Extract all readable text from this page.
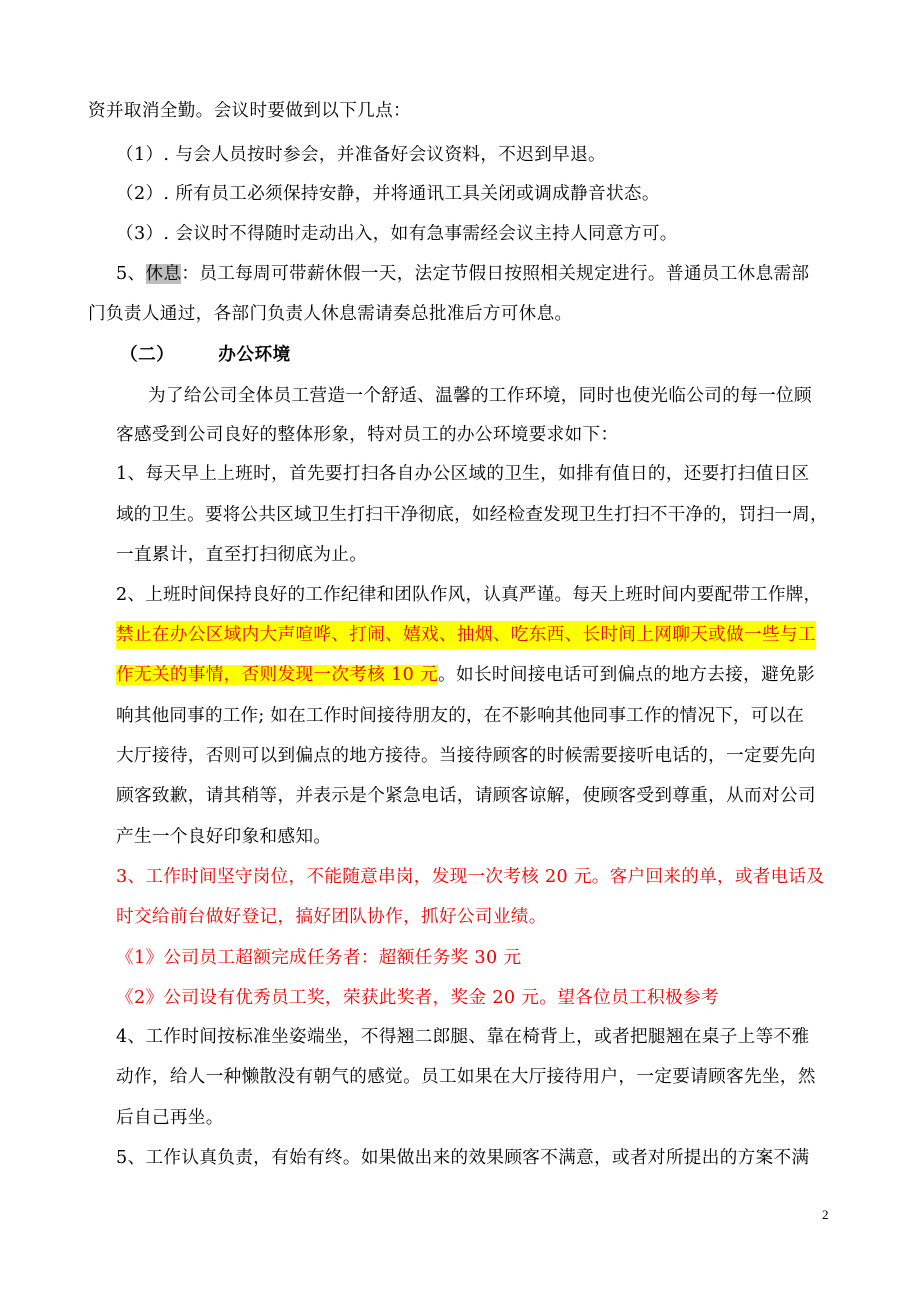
资并取消全勤。会议时要做到以下几点：
（1）. 与会人员按时参会，并准备好会议资料，不迟到早退。
（2）. 所有员工必须保持安静，并将通讯工具关闭或调成静音状态。
（3）. 会议时不得随时走动出入，如有急事需经会议主持人同意方可。
5、休息：员工每周可带薪休假一天，法定节假日按照相关规定进行。普通员工休息需部
门负责人通过，各部门负责人休息需请奏总批准后方可休息。
（二）	办公环境
为了给公司全体员工营造一个舒适、温馨的工作环境，同时也使光临公司的每一位顾
客感受到公司良好的整体形象，特对员工的办公环境要求如下：
1、每天早上上班时，首先要打扫各自办公区域的卫生，如排有值日的，还要打扫值日区
域的卫生。要将公共区域卫生打扫干净彻底，如经检查发现卫生打扫不干净的，罚扫一周，
一直累计，直至打扫彻底为止。
2、上班时间保持良好的工作纪律和团队作风，认真严谨。每天上班时间内要配带工作牌，
禁止在办公区域内大声喧哗、打闹、嬉戏、抽烟、吃东西、长时间上网聊天或做一些与工
作无关的事情，否则发现一次考核 10 元。如长时间接电话可到偏点的地方去接，避免影
响其他同事的工作; 如在工作时间接待朋友的，在不影响其他同事工作的情况下，可以在
大厅接待，否则可以到偏点的地方接待。当接待顾客的时候需要接听电话的，一定要先向
顾客致歉，请其稍等，并表示是个紧急电话，请顾客谅解，使顾客受到尊重，从而对公司
产生一个良好印象和感知。
3、工作时间坚守岗位，不能随意串岗，发现一次考核 20 元。客户回来的单，或者电话及
时交给前台做好登记，搞好团队协作，抓好公司业绩。
《1》公司员工超额完成任务者：超额任务奖 30 元
《2》公司设有优秀员工奖，荣获此奖者，奖金 20 元。望各位员工积极参考
4、工作时间按标准坐姿端坐，不得翘二郎腿、靠在椅背上，或者把腿翘在桌子上等不雅
动作，给人一种懒散没有朝气的感觉。员工如果在大厅接待用户，一定要请顾客先坐，然
后自己再坐。
5、工作认真负责，有始有终。如果做出来的效果顾客不满意，或者对所提出的方案不满
2
